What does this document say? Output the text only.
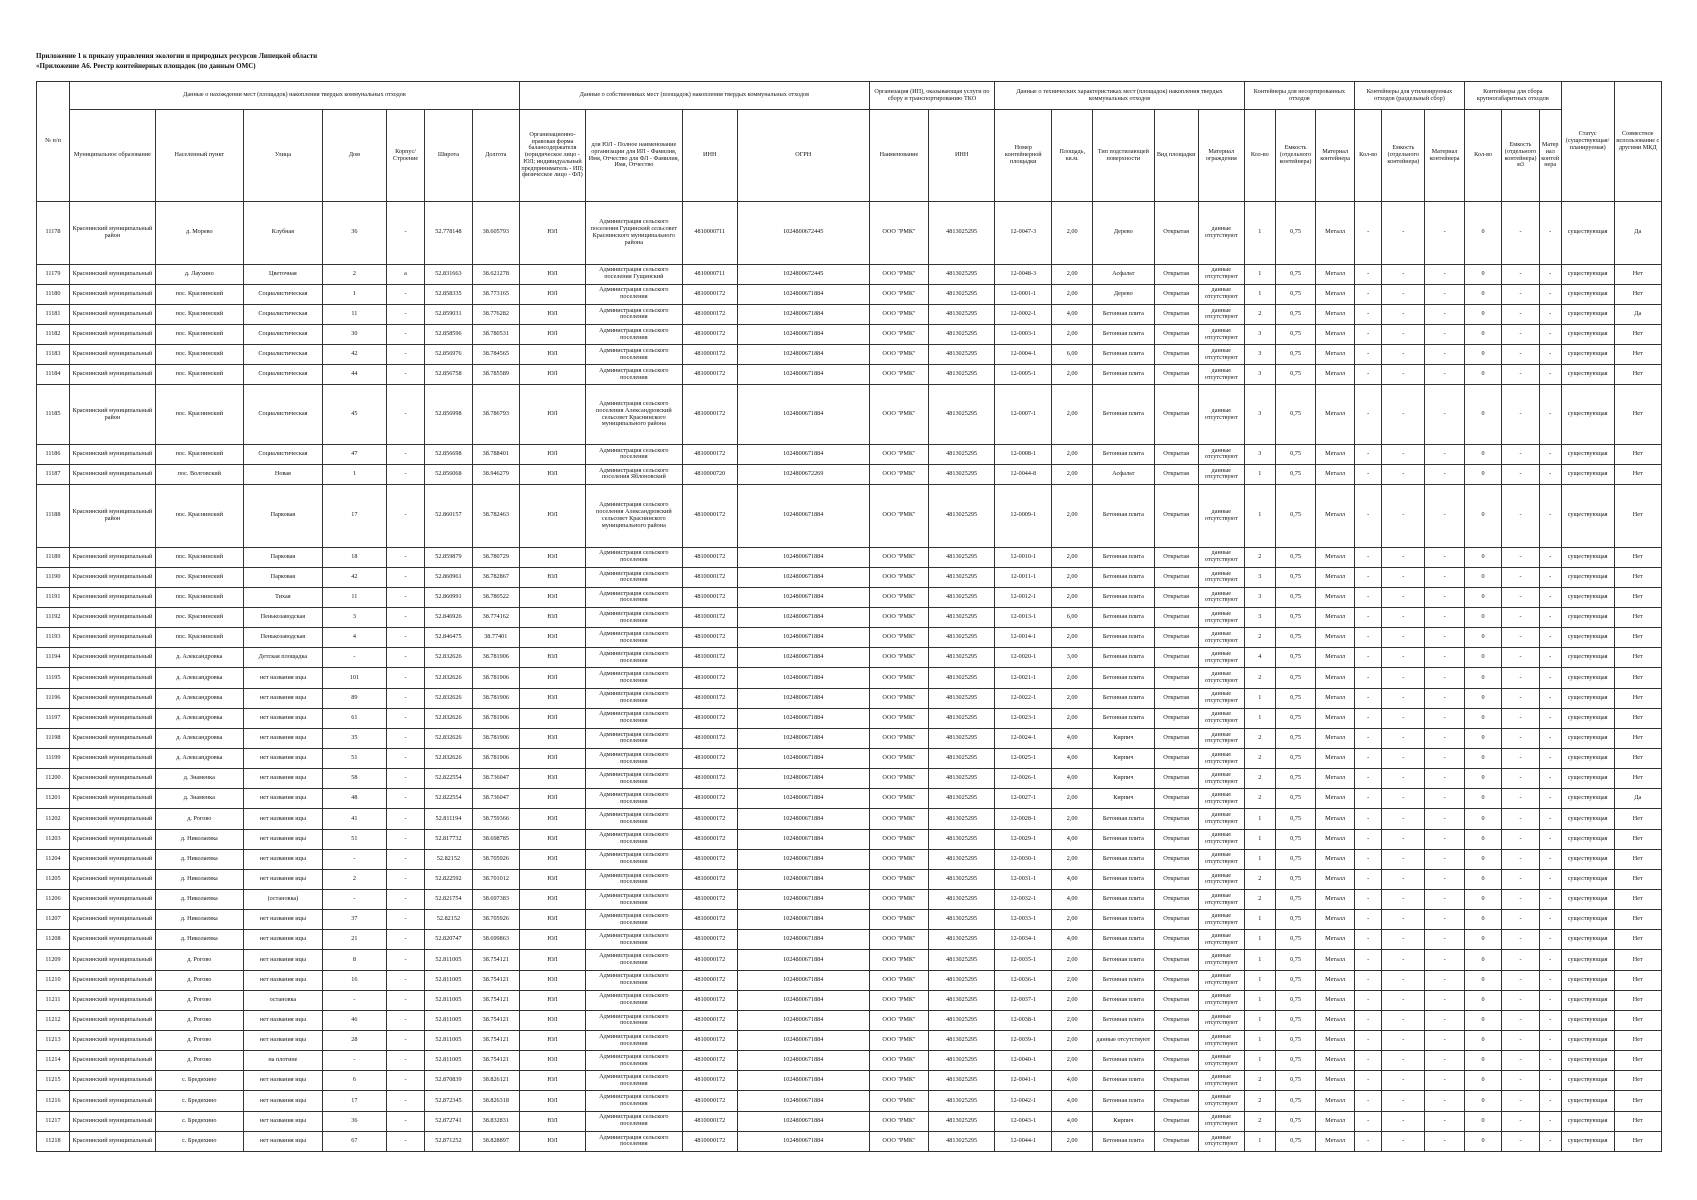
Приложение 1 к приказу управления экологии и природных ресурсов Липецкой области
«Приложение А6. Реестр контейнерных площадок (по данным ОМС)
№ п/п	Данные о нахождении мест (площадок) накопления твердых коммунальных отходов							Данные о собственниках мест (площадок) накопления твердых коммунальных отходов				Организация (ИП), оказывающая услуги по сбору и транспортированию ТКО		Данные о технических характеристиках мест (площадок) накопления твердых коммунальных отходов					Контейнеры для несортированных отходов			Контейнеры для утилизируемых отходов (раздельный сбор)			Контейнеры для сбора крупногабаритных отходов			Статус (существующая/планируемая)	Совместное использование с другими МКД
	Муниципальное образование	Населенный пункт	Улица	Дом	Корпус/Строение	Широта	Долгота	Организационно-правовая форма балансодержателя (юридическое лицо - ЮЛ; индивидуальный предприниматель - ИП; физическое лицо - ФЛ)	для ЮЛ - Полное наименование организации для ИП - Фамилия, Имя, Отчество для ФЛ - Фамилия, Имя, Отчество	ИНН	ОГРН	Наименование	ИНН	Номер контейнерной площадки	Площадь, кв.м.	Тип подстилающей поверхности	Вид площадки	Материал ограждения	Кол-во	Емкость (отдельного контейнера)	Материал контейнера	Кол-во	Емкость (отдельного контейнера)	Материал контейнера	Кол-во	Емкость (отдельного контейнера) м3	Материал контейнера		
11178	Краснинский муниципальный район	д. Морево	Клубная	36	-	52.778148	38.605793	ЮЛ	Администрация сельского поселения Гущинский сельсовет Краснинского муниципального района	4810000711	1024800672445	ООО "РМК"	4813025295	12-0047-3	2,00	Дерево	Открытая	данные отсутствуют	1	0,75	Металл	-	-	-	0	-	-	существующая	Да
11179	Краснинский муниципальный	д. Лаухино	Цветочная	2	а	52.831663	38.621278	ЮЛ	Администрация сельского поселения Гущинский	4810000711	1024800672445	ООО "РМК"	4813025295	12-0048-3	2,00	Асфальт	Открытая	данные отсутствуют	1	0,75	Металл	-	-	-	0	-	-	существующая	Нет
11180	Краснинский муниципальный	пос. Краснинский	Социалистическая	1	-	52.858335	38.773165	ЮЛ	Администрация сельского поселения	4810000172	1024800671884	ООО "РМК"	4813025295	12-0001-1	2,00	Дерево	Открытая	данные отсутствуют	1	0,75	Металл	-	-	-	0	-	-	существующая	Нет
11181	Краснинский муниципальный	пос. Краснинский	Социалистическая	11	-	52.859031	38.776282	ЮЛ	Администрация сельского поселения	4810000172	1024800671884	ООО "РМК"	4813025295	12-0002-1	4,00	Бетонная плита	Открытая	данные отсутствуют	2	0,75	Металл	-	-	-	0	-	-	существующая	Да
11182	Краснинский муниципальный	пос. Краснинский	Социалистическая	30	-	52.858596	38.780531	ЮЛ	Администрация сельского поселения	4810000172	1024800671884	ООО "РМК"	4813025295	12-0003-1	2,00	Бетонная плита	Открытая	данные отсутствуют	3	0,75	Металл	-	-	-	0	-	-	существующая	Нет
11183	Краснинский муниципальный	пос. Краснинский	Социалистическая	42	-	52.856976	38.784565	ЮЛ	Администрация сельского поселения	4810000172	1024800671884	ООО "РМК"	4813025295	12-0004-1	6,00	Бетонная плита	Открытая	данные отсутствуют	3	0,75	Металл	-	-	-	0	-	-	существующая	Нет
11184	Краснинский муниципальный	пос. Краснинский	Социалистическая	44	-	52.856758	38.785589	ЮЛ	Администрация сельского поселения	4810000172	1024800671884	ООО "РМК"	4813025295	12-0005-1	2,00	Бетонная плита	Открытая	данные отсутствуют	3	0,75	Металл	-	-	-	0	-	-	существующая	Нет
11185	Краснинский муниципальный район	пос. Краснинский	Социалистическая	45	-	52.856998	38.786793	ЮЛ	Администрация сельского поселения Александровский сельсовет Краснинского муниципального района	4810000172	1024800671884	ООО "РМК"	4813025295	12-0007-1	2,00	Бетонная плита	Открытая	данные отсутствуют	3	0,75	Металл	-	-	-	0	-	-	существующая	Нет
11186	Краснинский муниципальный	пос. Краснинский	Социалистическая	47	-	52.856698	38.788401	ЮЛ	Администрация сельского поселения	4810000172	1024800671884	ООО "РМК"	4813025295	12-0008-1	2,00	Бетонная плита	Открытая	данные отсутствуют	3	0,75	Металл	-	-	-	0	-	-	существующая	Нет
11187	Краснинский муниципальный	пос. Волговский	Новая	1	-	52.856068	38.946279	ЮЛ	Администрация сельского поселения Яблоновский	4810000720	1024800672269	ООО "РМК"	4813025295	12-0044-8	2,00	Асфальт	Открытая	данные отсутствуют	1	0,75	Металл	-	-	-	0	-	-	существующая	Нет
11188	Краснинский муниципальный район	пос. Краснинский	Парковая	17	-	52.860157	38.782463	ЮЛ	Администрация сельского поселения Александровский сельсовет Краснинского муниципального района	4810000172	1024800671884	ООО "РМК"	4813025295	12-0009-1	2,00	Бетонная плита	Открытая	данные отсутствуют	1	0,75	Металл	-	-	-	0	-	-	существующая	Нет
11189	Краснинский муниципальный	пос. Краснинский	Парковая	18	-	52.859879	38.780729	ЮЛ	Администрация сельского поселения	4810000172	1024800671884	ООО "РМК"	4813025295	12-0010-1	2,00	Бетонная плита	Открытая	данные отсутствуют	2	0,75	Металл	-	-	-	0	-	-	существующая	Нет
11190	Краснинский муниципальный	пос. Краснинский	Парковая	42	-	52.860961	38.782867	ЮЛ	Администрация сельского поселения	4810000172	1024800671884	ООО "РМК"	4813025295	12-0011-1	2,00	Бетонная плита	Открытая	данные отсутствуют	3	0,75	Металл	-	-	-	0	-	-	существующая	Нет
11191	Краснинский муниципальный	пос. Краснинский	Тихая	11	-	52.860991	38.780522	ЮЛ	Администрация сельского поселения	4810000172	1024800671884	ООО "РМК"	4813025295	12-0012-1	2,00	Бетонная плита	Открытая	данные отсутствуют	3	0,75	Металл	-	-	-	0	-	-	существующая	Нет
11192	Краснинский муниципальный	пос. Краснинский	Пенькозаводская	3	-	52.846926	38.774162	ЮЛ	Администрация сельского поселения	4810000172	1024800671884	ООО "РМК"	4813025295	12-0013-1	6,00	Бетонная плита	Открытая	данные отсутствуют	3	0,75	Металл	-	-	-	0	-	-	существующая	Нет
11193	Краснинский муниципальный	пос. Краснинский	Пенькозаводская	4	-	52.846475	38.77401	ЮЛ	Администрация сельского поселения	4810000172	1024800671884	ООО "РМК"	4813025295	12-0014-1	2,00	Бетонная плита	Открытая	данные отсутствуют	2	0,75	Металл	-	-	-	0	-	-	существующая	Нет
11194	Краснинский муниципальный	д. Александровка	Детская площадка	-	-	52.832626	38.781906	ЮЛ	Администрация сельского поселения	4810000172	1024800671884	ООО "РМК"	4813025295	12-0020-1	3,00	Бетонная плита	Открытая	данные отсутствуют	4	0,75	Металл	-	-	-	0	-	-	существующая	Нет
11195	Краснинский муниципальный	д. Александровка	нет названия ицы	101	-	52.832626	38.781906	ЮЛ	Администрация сельского поселения	4810000172	1024800671884	ООО "РМК"	4813025295	12-0021-1	2,00	Бетонная плита	Открытая	данные отсутствуют	2	0,75	Металл	-	-	-	0	-	-	существующая	Нет
11196	Краснинский муниципальный	д. Александровка	нет названия ицы	89	-	52.832626	38.781906	ЮЛ	Администрация сельского поселения	4810000172	1024800671884	ООО "РМК"	4813025295	12-0022-1	2,00	Бетонная плита	Открытая	данные отсутствуют	1	0,75	Металл	-	-	-	0	-	-	существующая	Нет
11197	Краснинский муниципальный	д. Александровка	нет названия ицы	61	-	52.832626	38.781906	ЮЛ	Администрация сельского поселения	4810000172	1024800671884	ООО "РМК"	4813025295	12-0023-1	2,00	Бетонная плита	Открытая	данные отсутствуют	1	0,75	Металл	-	-	-	0	-	-	существующая	Нет
11198	Краснинский муниципальный	д. Александровка	нет названия ицы	35	-	52.832626	38.781906	ЮЛ	Администрация сельского поселения	4810000172	1024800671884	ООО "РМК"	4813025295	12-0024-1	4,00	Кирпич	Открытая	данные отсутствуют	2	0,75	Металл	-	-	-	0	-	-	существующая	Нет
11199	Краснинский муниципальный	д. Александровка	нет названия ицы	51	-	52.832626	38.781906	ЮЛ	Администрация сельского поселения	4810000172	1024800671884	ООО "РМК"	4813025295	12-0025-1	4,00	Кирпич	Открытая	данные отсутствуют	2	0,75	Металл	-	-	-	0	-	-	существующая	Нет
11200	Краснинский муниципальный	д. Знаменка	нет названия ицы	58	-	52.822554	38.736047	ЮЛ	Администрация сельского поселения	4810000172	1024800671884	ООО "РМК"	4813025295	12-0026-1	4,00	Кирпич	Открытая	данные отсутствуют	2	0,75	Металл	-	-	-	0	-	-	существующая	Нет
11201	Краснинский муниципальный	д. Знаменка	нет названия ицы	48	-	52.822554	38.736047	ЮЛ	Администрация сельского поселения	4810000172	1024800671884	ООО "РМК"	4813025295	12-0027-1	2,00	Кирпич	Открытая	данные отсутствуют	2	0,75	Металл	-	-	-	0	-	-	существующая	Да
11202	Краснинский муниципальный	д. Рогово	нет названия ицы	41	-	52.811194	38.759366	ЮЛ	Администрация сельского поселения	4810000172	1024800671884	ООО "РМК"	4813025295	12-0028-1	2,00	Бетонная плита	Открытая	данные отсутствуют	1	0,75	Металл	-	-	-	0	-	-	существующая	Нет
11203	Краснинский муниципальный	д. Николаевка	нет названия ицы	51	-	52.817732	38.698785	ЮЛ	Администрация сельского поселения	4810000172	1024800671884	ООО "РМК"	4813025295	12-0029-1	4,00	Бетонная плита	Открытая	данные отсутствуют	1	0,75	Металл	-	-	-	0	-	-	существующая	Нет
11204	Краснинский муниципальный	д. Николаевка	нет названия ицы	-	-	52.82152	38.705926	ЮЛ	Администрация сельского поселения	4810000172	1024800671884	ООО "РМК"	4813025295	12-0030-1	2,00	Бетонная плита	Открытая	данные отсутствуют	1	0,75	Металл	-	-	-	0	-	-	существующая	Нет
11205	Краснинский муниципальный	д. Николаевка	нет названия ицы	2	-	52.822592	38.701012	ЮЛ	Администрация сельского поселения	4810000172	1024800671884	ООО "РМК"	4813025295	12-0031-1	4,00	Бетонная плита	Открытая	данные отсутствуют	2	0,75	Металл	-	-	-	0	-	-	существующая	Нет
11206	Краснинский муниципальный	д. Николаевка	(остановка)	-	-	52.821754	38.697383	ЮЛ	Администрация сельского поселения	4810000172	1024800671884	ООО "РМК"	4813025295	12-0032-1	4,00	Бетонная плита	Открытая	данные отсутствуют	2	0,75	Металл	-	-	-	0	-	-	существующая	Нет
11207	Краснинский муниципальный	д. Николаевка	нет названия ицы	37	-	52.82152	38.705926	ЮЛ	Администрация сельского поселения	4810000172	1024800671884	ООО "РМК"	4813025295	12-0033-1	2,00	Бетонная плита	Открытая	данные отсутствуют	1	0,75	Металл	-	-	-	0	-	-	существующая	Нет
11208	Краснинский муниципальный	д. Николаевка	нет названия ицы	21	-	52.820747	38.699863	ЮЛ	Администрация сельского поселения	4810000172	1024800671884	ООО "РМК"	4813025295	12-0034-1	4,00	Бетонная плита	Открытая	данные отсутствуют	1	0,75	Металл	-	-	-	0	-	-	существующая	Нет
11209	Краснинский муниципальный	д. Рогово	нет названия ицы	8	-	52.811005	38.754121	ЮЛ	Администрация сельского поселения	4810000172	1024800671884	ООО "РМК"	4813025295	12-0035-1	2,00	Бетонная плита	Открытая	данные отсутствуют	1	0,75	Металл	-	-	-	0	-	-	существующая	Нет
11210	Краснинский муниципальный	д. Рогово	нет названия ицы	16	-	52.811005	38.754121	ЮЛ	Администрация сельского поселения	4810000172	1024800671884	ООО "РМК"	4813025295	12-0036-1	2,00	Бетонная плита	Открытая	данные отсутствуют	1	0,75	Металл	-	-	-	0	-	-	существующая	Нет
11211	Краснинский муниципальный	д. Рогово	остановка	-	-	52.811005	38.754121	ЮЛ	Администрация сельского поселения	4810000172	1024800671884	ООО "РМК"	4813025295	12-0037-1	2,00	Бетонная плита	Открытая	данные отсутствуют	1	0,75	Металл	-	-	-	0	-	-	существующая	Нет
11212	Краснинский муниципальный	д. Рогово	нет названия ицы	46	-	52.811005	38.754121	ЮЛ	Администрация сельского поселения	4810000172	1024800671884	ООО "РМК"	4813025295	12-0038-1	2,00	Бетонная плита	Открытая	данные отсутствуют	1	0,75	Металл	-	-	-	0	-	-	существующая	Нет
11213	Краснинский муниципальный	д. Рогово	нет названия ицы	28	-	52.811005	38.754121	ЮЛ	Администрация сельского поселения	4810000172	1024800671884	ООО "РМК"	4813025295	12-0039-1	2,00	данные отсутствуют	Открытая	данные отсутствуют	1	0,75	Металл	-	-	-	0	-	-	существующая	Нет
11214	Краснинский муниципальный	д. Рогово	на плотине	-	-	52.811005	38.754121	ЮЛ	Администрация сельского поселения	4810000172	1024800671884	ООО "РМК"	4813025295	12-0040-1	2,00	Бетонная плита	Открытая	данные отсутствуют	1	0,75	Металл	-	-	-	0	-	-	существующая	Нет
11215	Краснинский муниципальный	с. Бредихино	нет названия ицы	6	-	52.870839	38.826121	ЮЛ	Администрация сельского поселения	4810000172	1024800671884	ООО "РМК"	4813025295	12-0041-1	4,00	Бетонная плита	Открытая	данные отсутствуют	2	0,75	Металл	-	-	-	0	-	-	существующая	Нет
11216	Краснинский муниципальный	с. Бредихино	нет названия ицы	17	-	52.872345	38.826318	ЮЛ	Администрация сельского поселения	4810000172	1024800671884	ООО "РМК"	4813025295	12-0042-1	4,00	Бетонная плита	Открытая	данные отсутствуют	2	0,75	Металл	-	-	-	0	-	-	существующая	Нет
11217	Краснинский муниципальный	с. Бредихино	нет названия ицы	36	-	52.872741	38.832831	ЮЛ	Администрация сельского поселения	4810000172	1024800671884	ООО "РМК"	4813025295	12-0043-1	4,00	Кирпич	Открытая	данные отсутствуют	2	0,75	Металл	-	-	-	0	-	-	существующая	Нет
11218	Краснинский муниципальный	с. Бредихино	нет названия ицы	67	-	52.871252	38.828897	ЮЛ	Администрация сельского поселения	4810000172	1024800671884	ООО "РМК"	4813025295	12-0044-1	2,00	Бетонная плита	Открытая	данные отсутствуют	1	0,75	Металл	-	-	-	0	-	-	существующая	Нет
